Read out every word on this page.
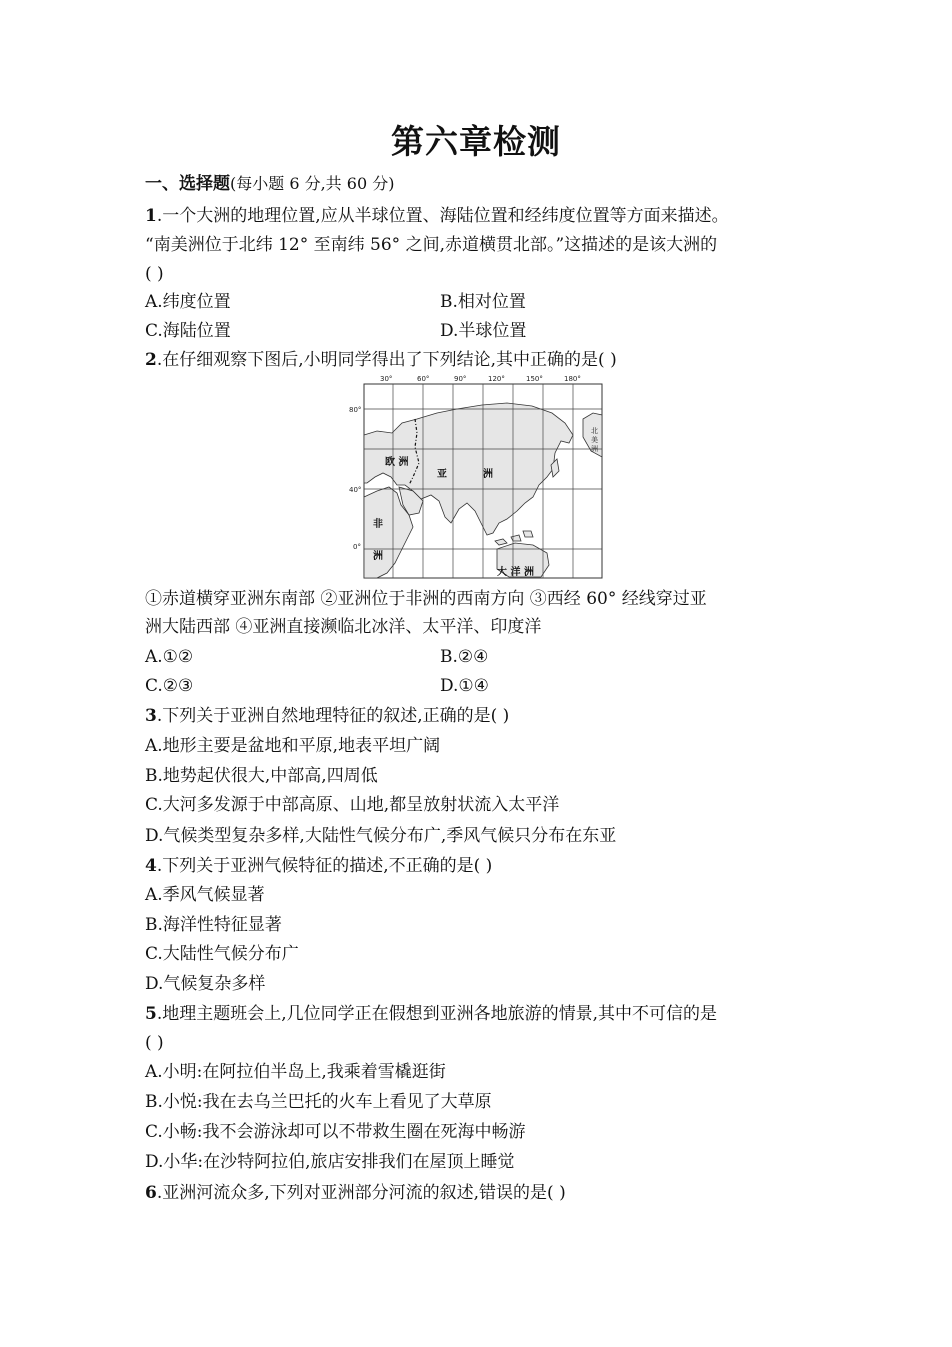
第六章检测
一、选择题(每小题 6 分,共 60 分)
1.一个大洲的地理位置,应从半球位置、海陆位置和经纬度位置等方面来描述。
“南美洲位于北纬 12° 至南纬 56° 之间,赤道横贯北部。”这描述的是该大洲的
( )
A.纬度位置	B.相对位置
C.海陆位置	D.半球位置
2.在仔细观察下图后,小明同学得出了下列结论,其中正确的是( )
30°	60°	90°	120°	150°	180°
80°
40°
0°
欧 洲
亚	洲
非
洲
大 洋 洲
北
美
洲
①赤道横穿亚洲东南部 ②亚洲位于非洲的西南方向 ③西经 60° 经线穿过亚
洲大陆西部 ④亚洲直接濒临北冰洋、太平洋、印度洋
A.①②	B.②④
C.②③	D.①④
3.下列关于亚洲自然地理特征的叙述,正确的是( )
A.地形主要是盆地和平原,地表平坦广阔
B.地势起伏很大,中部高,四周低
C.大河多发源于中部高原、山地,都呈放射状流入太平洋
D.气候类型复杂多样,大陆性气候分布广,季风气候只分布在东亚
4.下列关于亚洲气候特征的描述,不正确的是( )
A.季风气候显著
B.海洋性特征显著
C.大陆性气候分布广
D.气候复杂多样
5.地理主题班会上,几位同学正在假想到亚洲各地旅游的情景,其中不可信的是
( )
A.小明:在阿拉伯半岛上,我乘着雪橇逛街
B.小悦:我在去乌兰巴托的火车上看见了大草原
C.小畅:我不会游泳却可以不带救生圈在死海中畅游
D.小华:在沙特阿拉伯,旅店安排我们在屋顶上睡觉
6.亚洲河流众多,下列对亚洲部分河流的叙述,错误的是( )
